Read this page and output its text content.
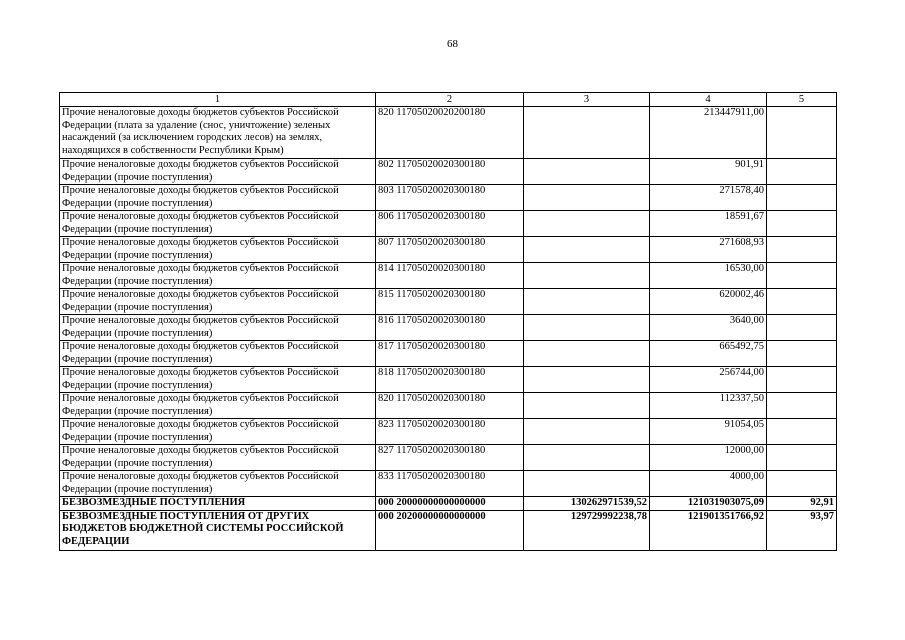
68
1	2	3	4	5
Прочие неналоговые доходы бюджетов субъектов Российской Федерации (плата за удаление (снос, уничтожение) зеленых насаждений (за исключением городских лесов) на землях, находящихся в собственности Республики Крым)	820 11705020020200180		213447911,00	
Прочие неналоговые доходы бюджетов субъектов Российской Федерации (прочие поступления)	802 11705020020300180		901,91	
Прочие неналоговые доходы бюджетов субъектов Российской Федерации (прочие поступления)	803 11705020020300180		271578,40	
Прочие неналоговые доходы бюджетов субъектов Российской Федерации (прочие поступления)	806 11705020020300180		18591,67	
Прочие неналоговые доходы бюджетов субъектов Российской Федерации (прочие поступления)	807 11705020020300180		271608,93	
Прочие неналоговые доходы бюджетов субъектов Российской Федерации (прочие поступления)	814 11705020020300180		16530,00	
Прочие неналоговые доходы бюджетов субъектов Российской Федерации (прочие поступления)	815 11705020020300180		620002,46	
Прочие неналоговые доходы бюджетов субъектов Российской Федерации (прочие поступления)	816 11705020020300180		3640,00	
Прочие неналоговые доходы бюджетов субъектов Российской Федерации (прочие поступления)	817 11705020020300180		665492,75	
Прочие неналоговые доходы бюджетов субъектов Российской Федерации (прочие поступления)	818 11705020020300180		256744,00	
Прочие неналоговые доходы бюджетов субъектов Российской Федерации (прочие поступления)	820 11705020020300180		112337,50	
Прочие неналоговые доходы бюджетов субъектов Российской Федерации (прочие поступления)	823 11705020020300180		91054,05	
Прочие неналоговые доходы бюджетов субъектов Российской Федерации (прочие поступления)	827 11705020020300180		12000,00	
Прочие неналоговые доходы бюджетов субъектов Российской Федерации (прочие поступления)	833 11705020020300180		4000,00	
БЕЗВОЗМЕЗДНЫЕ ПОСТУПЛЕНИЯ	000 20000000000000000	130262971539,52	121031903075,09	92,91
БЕЗВОЗМЕЗДНЫЕ ПОСТУПЛЕНИЯ ОТ ДРУГИХ БЮДЖЕТОВ БЮДЖЕТНОЙ СИСТЕМЫ РОССИЙСКОЙ ФЕДЕРАЦИИ	000 20200000000000000	129729992238,78	121901351766,92	93,97
